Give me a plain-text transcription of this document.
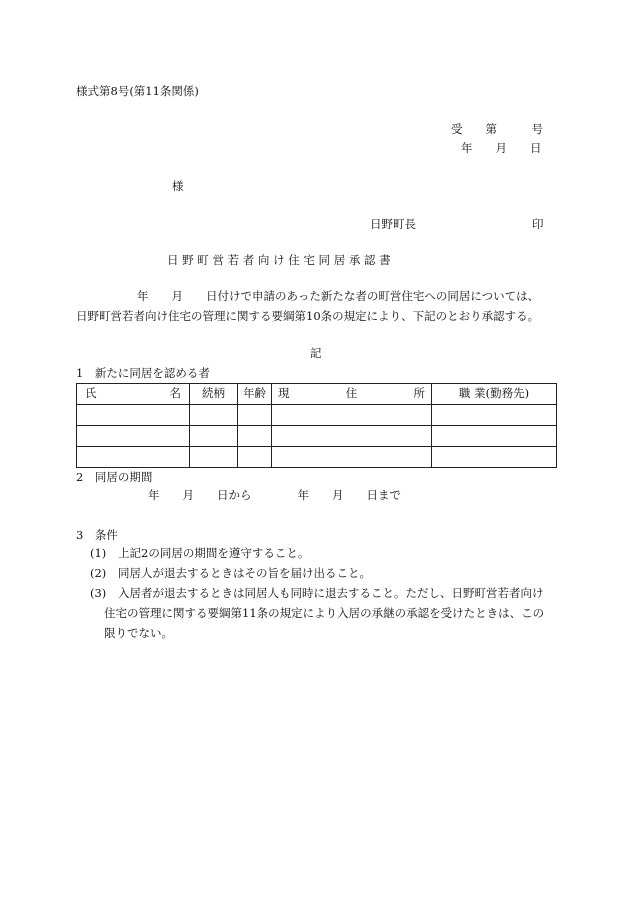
様式第8号(第11条関係)
受　　第　　　号
年　　月　　日
様
日野町長	印
日 野 町 営 若 者 向 け 住 宅 同 居 承 認 書
年　　月　　日付けで申請のあった新たな者の町営住宅への同居については、
日野町営若者向け住宅の管理に関する要綱第10条の規定により、下記のとおり承認する。
記
1　新たに同居を認める者
氏 名	続柄	年齢	現 住 所	職 業(勤務先)

2　同居の期間
年　　月　　日から　　　　年　　月　　日まで
3　条件
(1) 上記2の同居の期間を遵守すること。
(2) 同居人が退去するときはその旨を届け出ること。
(3) 入居者が退去するときは同居人も同時に退去すること。ただし、日野町営若者向け
住宅の管理に関する要綱第11条の規定により入居の承継の承認を受けたときは、この
限りでない。
